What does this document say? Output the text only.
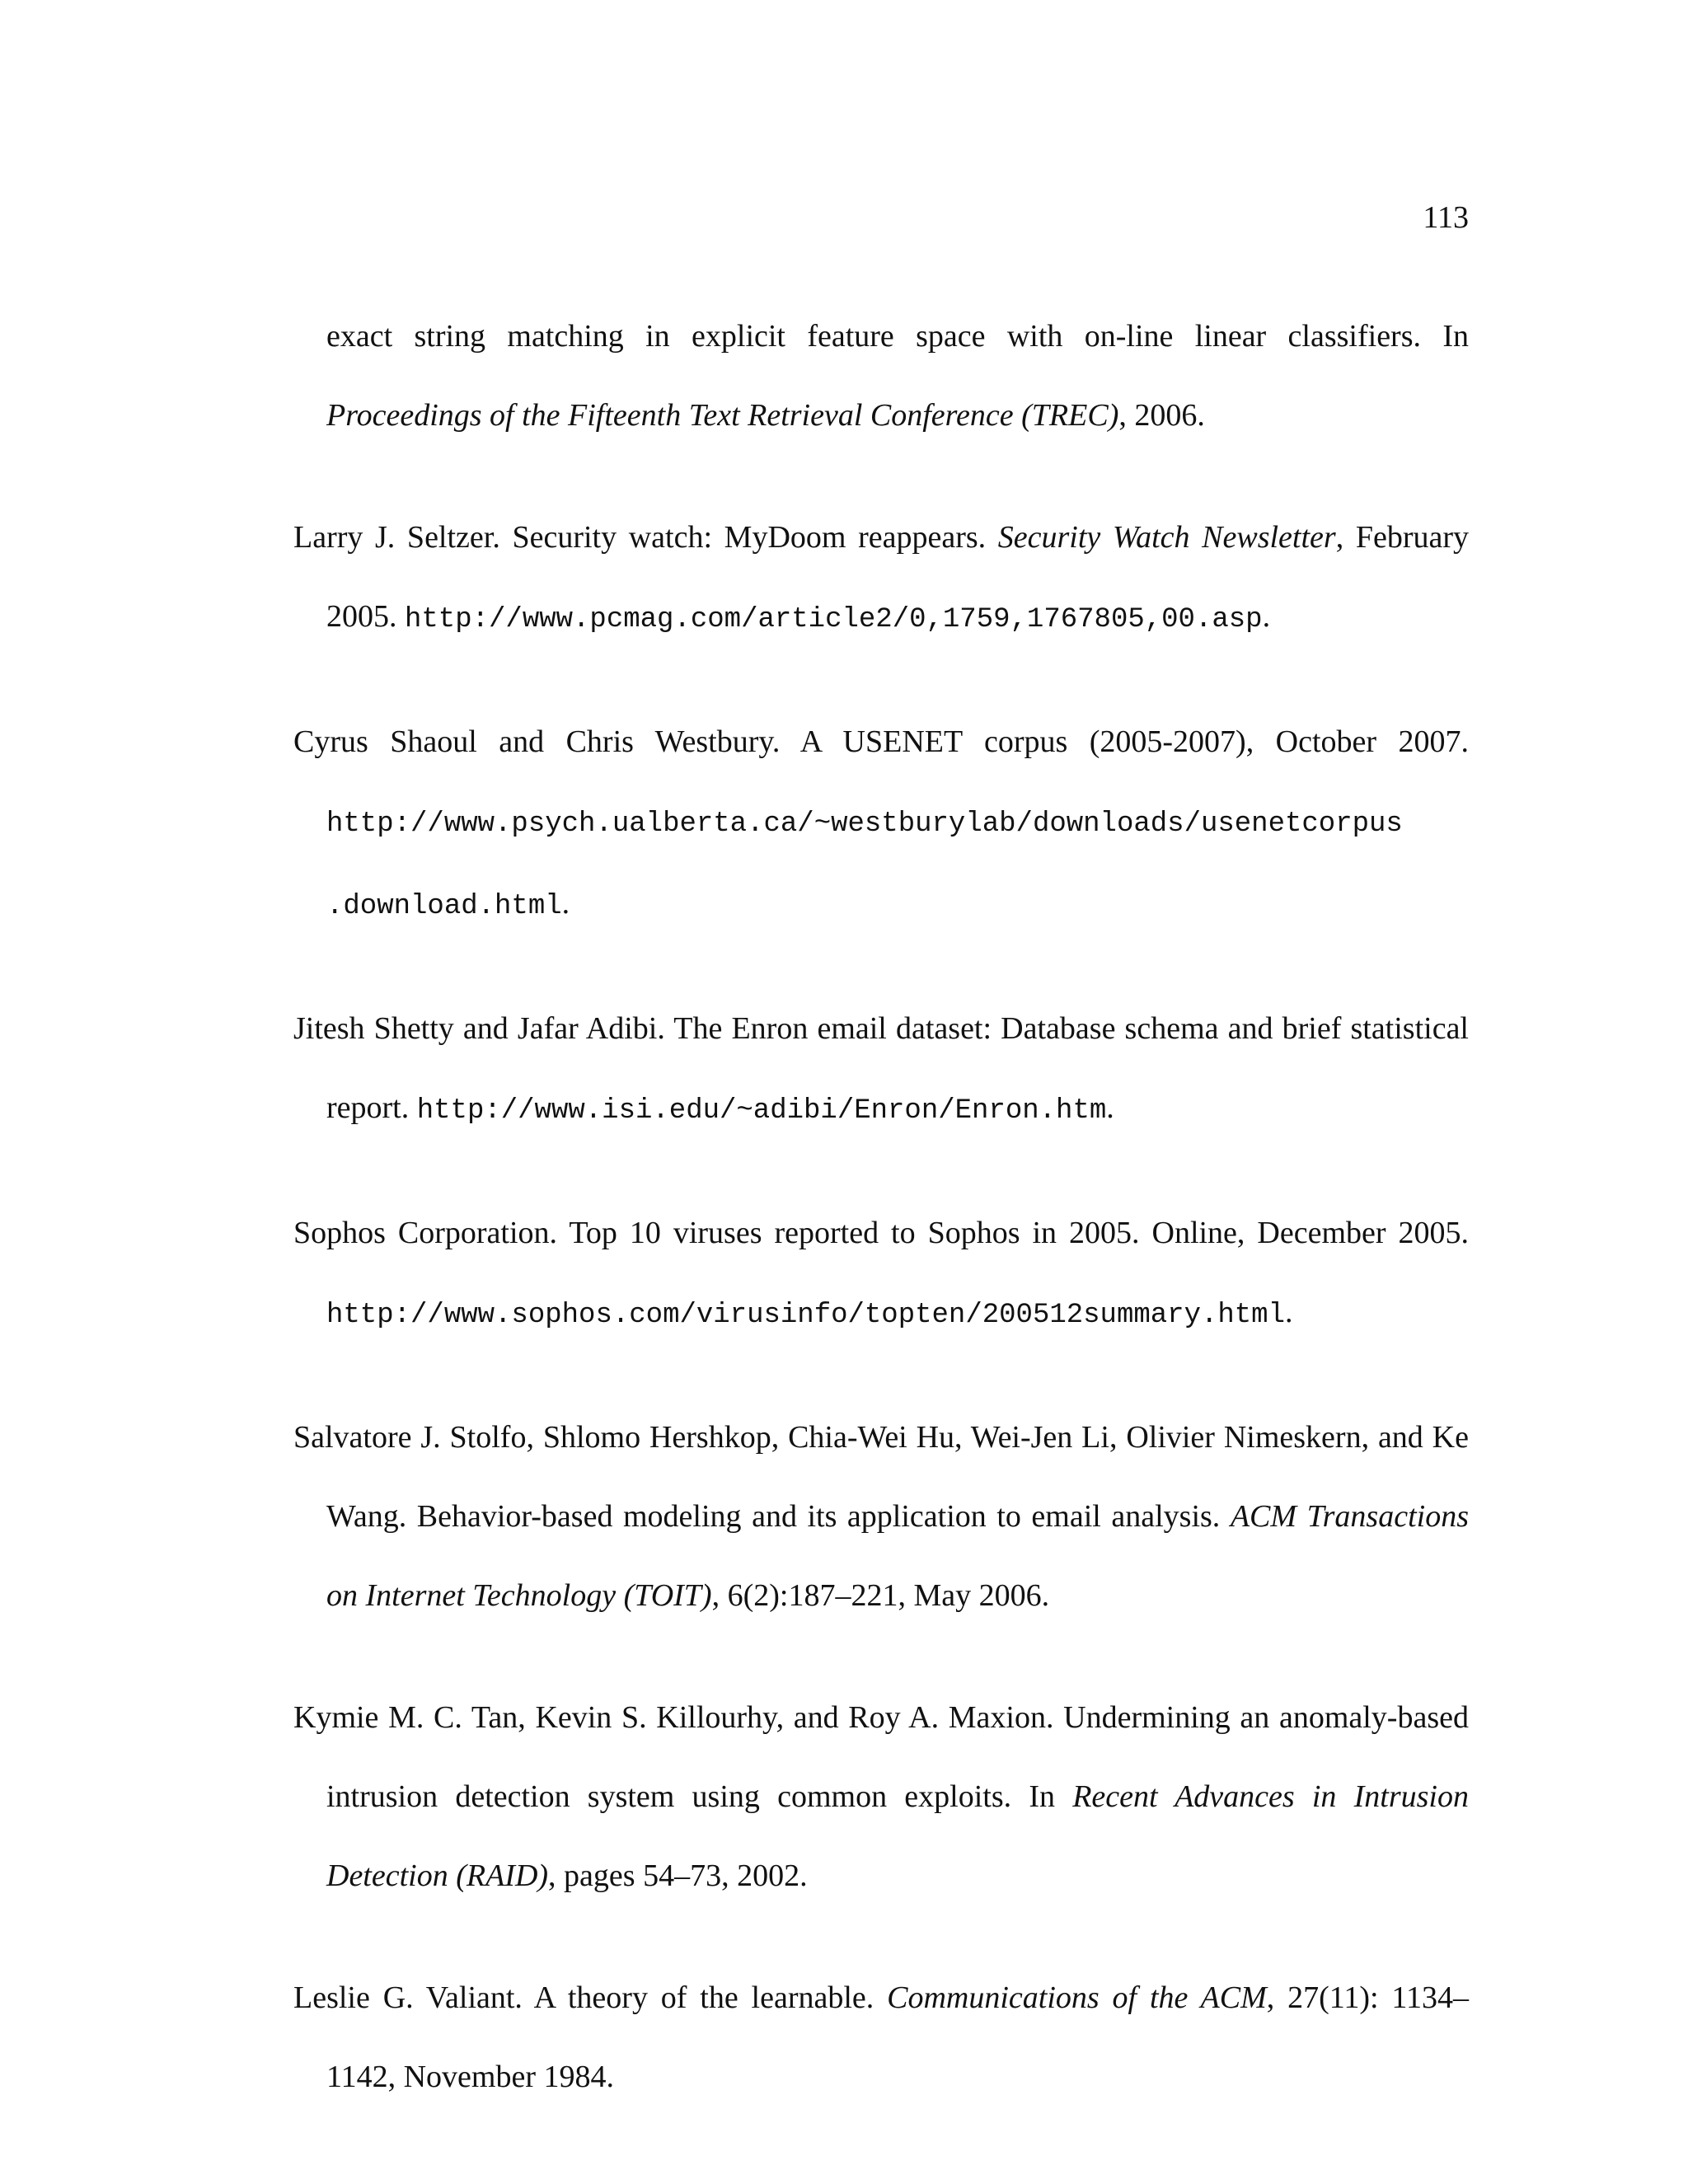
113

exact string matching in explicit feature space with on-line linear classifiers. In Proceedings of the Fifteenth Text Retrieval Conference (TREC), 2006.

Larry J. Seltzer. Security watch: MyDoom reappears. Security Watch Newsletter, February 2005. http://www.pcmag.com/article2/0,1759,1767805,00.asp.

Cyrus Shaoul and Chris Westbury. A USENET corpus (2005-2007), October 2007. http://www.psych.ualberta.ca/~westburylab/downloads/usenetcorpus
.download.html.

Jitesh Shetty and Jafar Adibi. The Enron email dataset: Database schema and brief statistical report. http://www.isi.edu/~adibi/Enron/Enron.htm.

Sophos Corporation. Top 10 viruses reported to Sophos in 2005. Online, December 2005. http://www.sophos.com/virusinfo/topten/200512summary.html.

Salvatore J. Stolfo, Shlomo Hershkop, Chia-Wei Hu, Wei-Jen Li, Olivier Nimeskern, and Ke Wang. Behavior-based modeling and its application to email analysis. ACM Transactions on Internet Technology (TOIT), 6(2):187–221, May 2006.

Kymie M. C. Tan, Kevin S. Killourhy, and Roy A. Maxion. Undermining an anomaly-based intrusion detection system using common exploits. In Recent Advances in Intrusion Detection (RAID), pages 54–73, 2002.

Leslie G. Valiant. A theory of the learnable. Communications of the ACM, 27(11): 1134–1142, November 1984.
